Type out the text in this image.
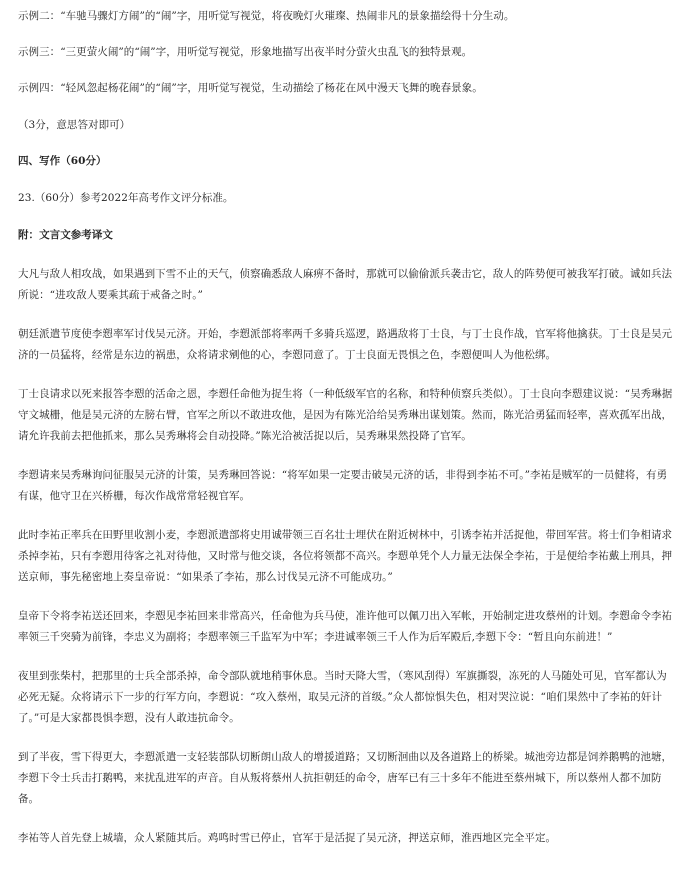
示例二：“车驰马骤灯方闹”的“闹”字，用听觉写视觉，将夜晚灯火璀璨、热闹非凡的景象描绘得十分生动。

示例三：“三更萤火闹”的“闹”字，用听觉写视觉，形象地描写出夜半时分萤火虫乱飞的独特景观。

示例四：“轻风忽起杨花闹”的“闹”字，用听觉写视觉，生动描绘了杨花在风中漫天飞舞的晚春景象。

（3分，意思答对即可）

四、写作（60分）

23.（60分）参考2022年高考作文评分标准。

附：文言文参考译文

大凡与敌人相攻战，如果遇到下雪不止的天气，侦察确悉敌人麻痹不备时，那就可以偷偷派兵袭击它，敌人的阵势便可被我军打破。诚如兵法所说：“进攻敌人要乘其疏于戒备之时。”

朝廷派遣节度使李愬率军讨伐吴元济。开始，李愬派部将率两千多骑兵巡逻，路遇敌将丁士良，与丁士良作战，官军将他擒获。丁士良是吴元济的一员猛将，经常是东边的祸患，众将请求剜他的心，李愬同意了。丁士良面无畏惧之色，李愬便叫人为他松绑。

丁士良请求以死来报答李愬的活命之恩，李愬任命他为捉生将（一种低级军官的名称，和特种侦察兵类似）。丁士良向李愬建议说：“吴秀琳据守文城栅，他是吴元济的左膀右臂，官军之所以不敢进攻他，是因为有陈光洽给吴秀琳出谋划策。然而，陈光洽勇猛而轻率，喜欢孤军出战，请允许我前去把他抓来，那么吴秀琳将会自动投降。”陈光洽被活捉以后，吴秀琳果然投降了官军。

李愬请来吴秀琳询问征服吴元济的计策，吴秀琳回答说：“将军如果一定要击破吴元济的话，非得到李祐不可。”李祐是贼军的一员健将，有勇有谋，他守卫在兴桥栅，每次作战常常轻视官军。

此时李祐正率兵在田野里收割小麦，李愬派遣部将史用诚带领三百名壮士埋伏在附近树林中，引诱李祐并活捉他，带回军营。将士们争相请求杀掉李祐，只有李愬用待客之礼对待他，又时常与他交谈，各位将领都不高兴。李愬单凭个人力量无法保全李祐，于是便给李祐戴上刑具，押送京师，事先秘密地上奏皇帝说：“如果杀了李祐，那么讨伐吴元济不可能成功。”

皇帝下令将李祐送还回来，李愬见李祐回来非常高兴，任命他为兵马使，准许他可以佩刀出入军帐，开始制定进攻蔡州的计划。李愬命令李祐率领三千突骑为前锋，李忠义为副将；李愬率领三千监军为中军；李进诚率领三千人作为后军殿后,李愬下令：“暂且向东前进！”

夜里到张柴村，把那里的士兵全部杀掉，命令部队就地稍事休息。当时天降大雪，（寒风刮得）军旗撕裂，冻死的人马随处可见，官军都认为必死无疑。众将请示下一步的行军方向，李愬说：“攻入蔡州，取吴元济的首级。”众人都惊惧失色，相对哭泣说：“咱们果然中了李祐的奸计了。”可是大家都畏惧李愬，没有人敢违抗命令。

到了半夜，雪下得更大，李愬派遣一支轻装部队切断朗山敌人的增援道路；又切断洄曲以及各道路上的桥梁。城池旁边都是饲养鹅鸭的池塘，李愬下令士兵击打鹅鸭，来扰乱进军的声音。自从叛将蔡州人抗拒朝廷的命令，唐军已有三十多年不能进至蔡州城下，所以蔡州人都不加防备。

李祐等人首先登上城墙，众人紧随其后。鸡鸣时雪已停止，官军于是活捉了吴元济，押送京师，淮西地区完全平定。
